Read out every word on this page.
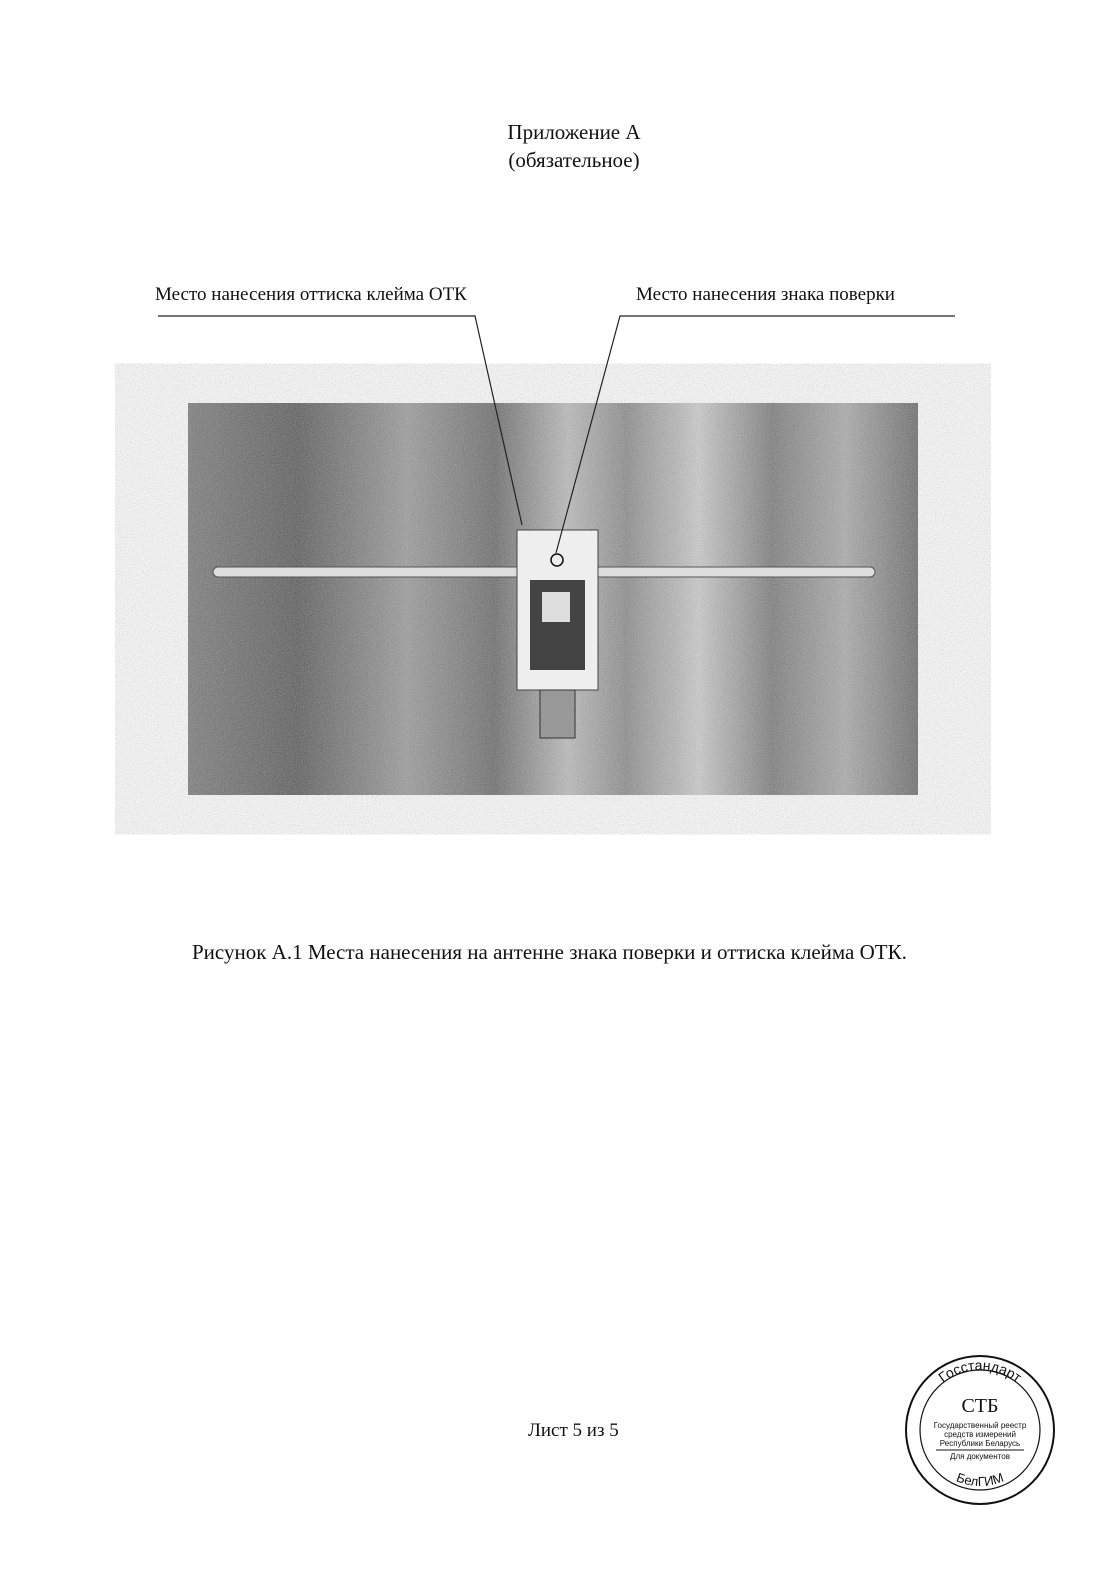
Приложение А
(обязательное)
Место нанесения оттиска клейма ОТК	Место нанесения знака поверки
Рисунок А.1 Места нанесения на антенне знака поверки и оттиска клейма ОТК.
Лист 5 из 5
Госстандарт
БелГИМ
СТБ
Государственный реестр
средств измерений
Республики Беларусь
Для документов
